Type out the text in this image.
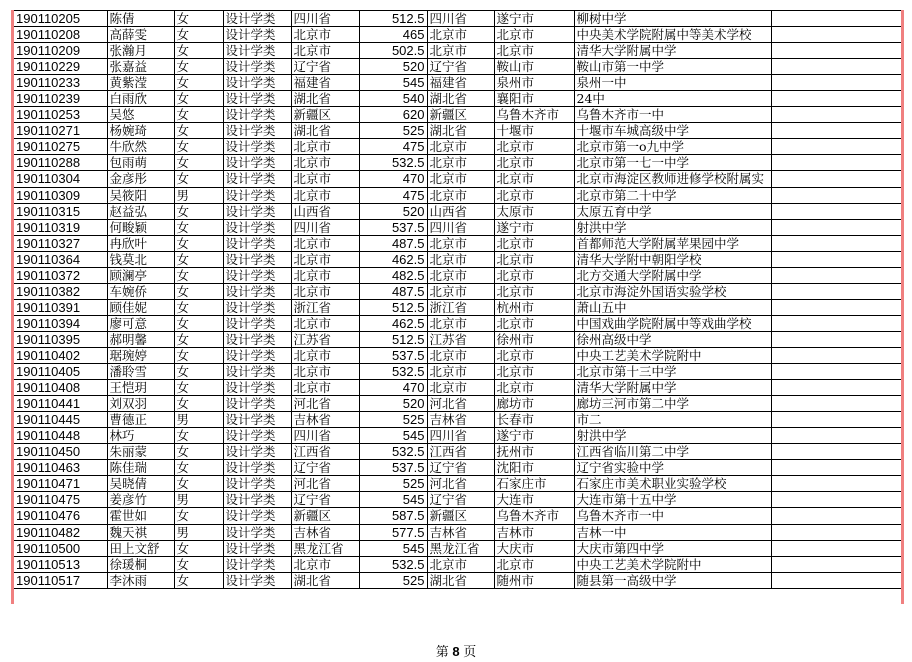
190110205	陈倩	女	设计学类	四川省	512.5	四川省	遂宁市	柳树中学	
190110208	高薛雯	女	设计学类	北京市	465	北京市	北京市	中央美术学院附属中等美术学校	
190110209	张瀚月	女	设计学类	北京市	502.5	北京市	北京市	清华大学附属中学	
190110229	张嘉益	女	设计学类	辽宁省	520	辽宁省	鞍山市	鞍山市第一中学	
190110233	黄紫滢	女	设计学类	福建省	545	福建省	泉州市	泉州一中	
190110239	白雨欣	女	设计学类	湖北省	540	湖北省	襄阳市	24中	
190110253	吴悠	女	设计学类	新疆区	620	新疆区	乌鲁木齐市	乌鲁木齐市一中	
190110271	杨婉琦	女	设计学类	湖北省	525	湖北省	十堰市	十堰市车城高级中学	
190110275	牛欣然	女	设计学类	北京市	475	北京市	北京市	北京市第一o九中学	
190110288	包雨萌	女	设计学类	北京市	532.5	北京市	北京市	北京市第一七一中学	
190110304	金彦彤	女	设计学类	北京市	470	北京市	北京市	北京市海淀区教师进修学校附属实	
190110309	吴筱阳	男	设计学类	北京市	475	北京市	北京市	北京市第二十中学	
190110315	赵益弘	女	设计学类	山西省	520	山西省	太原市	太原五育中学	
190110319	何畯颖	女	设计学类	四川省	537.5	四川省	遂宁市	射洪中学	
190110327	冉欣叶	女	设计学类	北京市	487.5	北京市	北京市	首都师范大学附属苹果园中学	
190110364	钱莫北	女	设计学类	北京市	462.5	北京市	北京市	清华大学附中朝阳学校	
190110372	顾澜亭	女	设计学类	北京市	482.5	北京市	北京市	北方交通大学附属中学	
190110382	车婉侨	女	设计学类	北京市	487.5	北京市	北京市	北京市海淀外国语实验学校	
190110391	顾佳妮	女	设计学类	浙江省	512.5	浙江省	杭州市	萧山五中	
190110394	廖可意	女	设计学类	北京市	462.5	北京市	北京市	中国戏曲学院附属中等戏曲学校	
190110395	郝明馨	女	设计学类	江苏省	512.5	江苏省	徐州市	徐州高级中学	
190110402	琚琬婷	女	设计学类	北京市	537.5	北京市	北京市	中央工艺美术学院附中	
190110405	潘聆雪	女	设计学类	北京市	532.5	北京市	北京市	北京市第十三中学	
190110408	王恺玥	女	设计学类	北京市	470	北京市	北京市	清华大学附属中学	
190110441	刘双羽	女	设计学类	河北省	520	河北省	廊坊市	廊坊三河市第二中学	
190110445	曹德正	男	设计学类	吉林省	525	吉林省	长春市	市二	
190110448	林巧	女	设计学类	四川省	545	四川省	遂宁市	射洪中学	
190110450	朱丽蒙	女	设计学类	江西省	532.5	江西省	抚州市	江西省临川第二中学	
190110463	陈佳瑞	女	设计学类	辽宁省	537.5	辽宁省	沈阳市	辽宁省实验中学	
190110471	吴晓倩	女	设计学类	河北省	525	河北省	石家庄市	石家庄市美术职业实验学校	
190110475	姜彦竹	男	设计学类	辽宁省	545	辽宁省	大连市	大连市第十五中学	
190110476	霍世如	女	设计学类	新疆区	587.5	新疆区	乌鲁木齐市	乌鲁木齐市一中	
190110482	魏天祺	男	设计学类	吉林省	577.5	吉林省	吉林市	吉林一中	
190110500	田上文舒	女	设计学类	黑龙江省	545	黑龙江省	大庆市	大庆市第四中学	
190110513	徐瑗桐	女	设计学类	北京市	532.5	北京市	北京市	中央工艺美术学院附中	
190110517	李沐雨	女	设计学类	湖北省	525	湖北省	随州市	随县第一高级中学	
第 8 页
